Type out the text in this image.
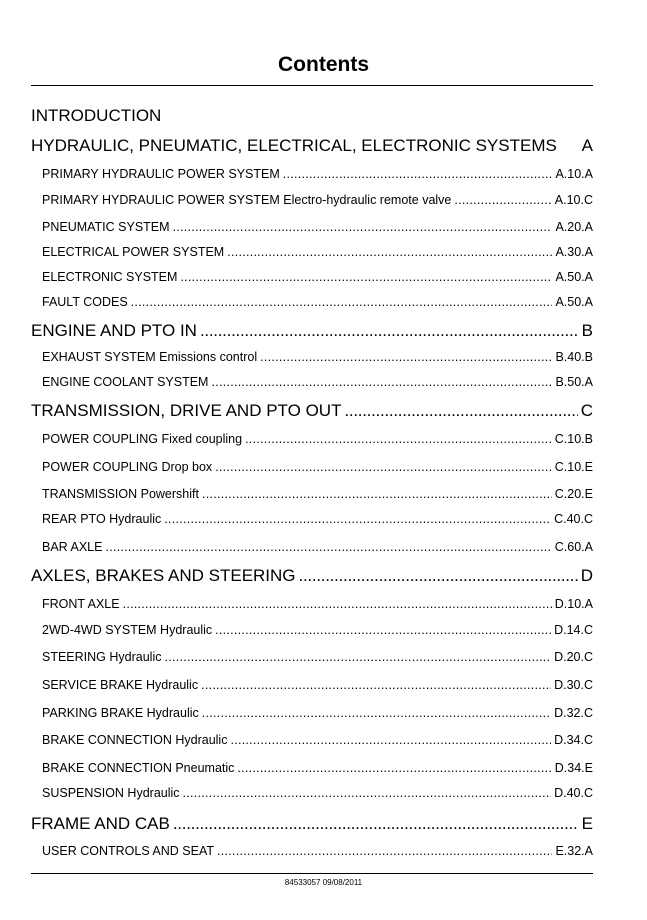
Contents
INTRODUCTION
HYDRAULIC, PNEUMATIC, ELECTRICAL, ELECTRONIC SYSTEMS A
PRIMARY HYDRAULIC POWER SYSTEM . . .	A.10.A
PRIMARY HYDRAULIC POWER SYSTEM Electro-hydraulic remote valve . . .	A.10.C
PNEUMATIC SYSTEM . . .	A.20.A
ELECTRICAL POWER SYSTEM . . .	A.30.A
ELECTRONIC SYSTEM . . .	A.50.A
FAULT CODES . . .	A.50.A
ENGINE AND PTO IN . . .	B
EXHAUST SYSTEM Emissions control . . .	B.40.B
ENGINE COOLANT SYSTEM . . .	B.50.A
TRANSMISSION, DRIVE AND PTO OUT . . .	C
POWER COUPLING Fixed coupling . . .	C.10.B
POWER COUPLING Drop box . . .	C.10.E
TRANSMISSION Powershift . . .	C.20.E
REAR PTO Hydraulic . . .	C.40.C
BAR AXLE . . .	C.60.A
AXLES, BRAKES AND STEERING . . .	D
FRONT AXLE . . .	D.10.A
2WD-4WD SYSTEM Hydraulic . . .	D.14.C
STEERING Hydraulic . . .	D.20.C
SERVICE BRAKE Hydraulic . . .	D.30.C
PARKING BRAKE Hydraulic . . .	D.32.C
BRAKE CONNECTION Hydraulic . . .	D.34.C
BRAKE CONNECTION Pneumatic . . .	D.34.E
SUSPENSION Hydraulic . . .	D.40.C
FRAME AND CAB . . .	E
USER CONTROLS AND SEAT . . .	E.32.A
84533057 09/08/2011
